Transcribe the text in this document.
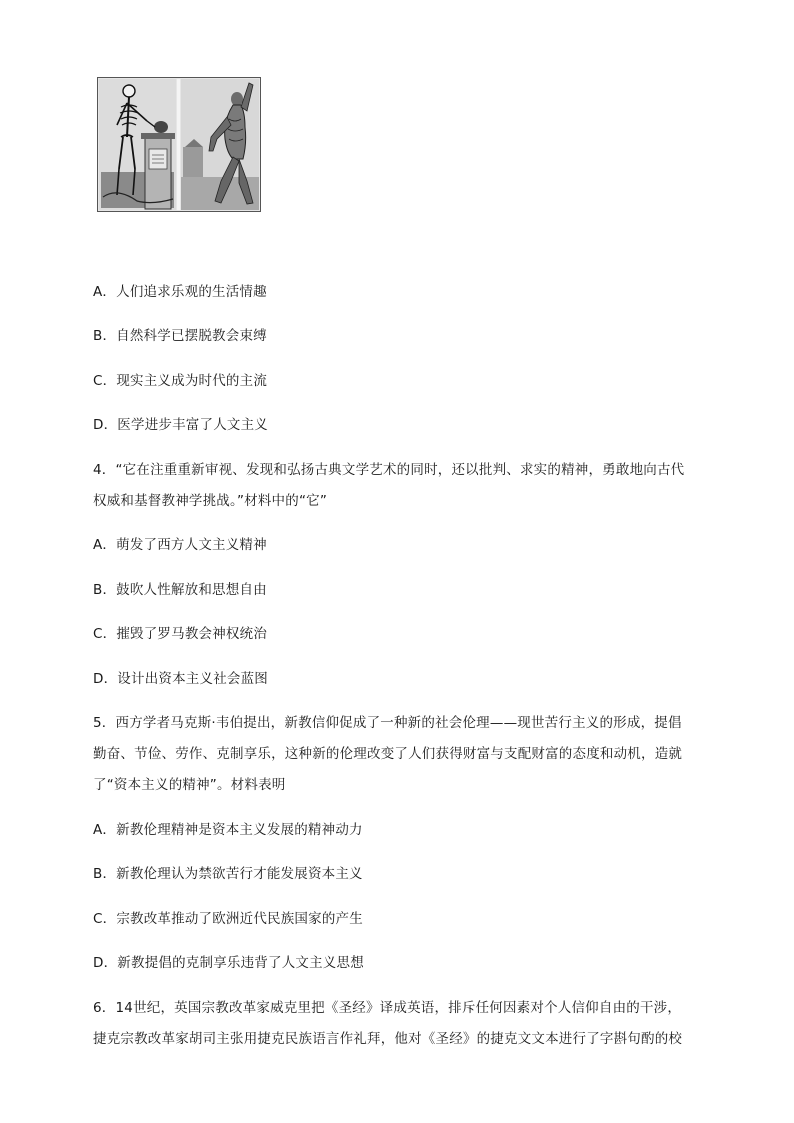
A．人们追求乐观的生活情趣
B．自然科学已摆脱教会束缚
C．现实主义成为时代的主流
D．医学进步丰富了人文主义
4．“它在注重重新审视、发现和弘扬古典文学艺术的同时，还以批判、求实的精神，勇敢地向古代
权威和基督教神学挑战。”材料中的“它”
A．萌发了西方人文主义精神
B．鼓吹人性解放和思想自由
C．摧毁了罗马教会神权统治
D．设计出资本主义社会蓝图
5．西方学者马克斯·韦伯提出，新教信仰促成了一种新的社会伦理——现世苦行主义的形成，提倡
勤奋、节俭、劳作、克制享乐，这种新的伦理改变了人们获得财富与支配财富的态度和动机，造就
了“资本主义的精神”。材料表明
A．新教伦理精神是资本主义发展的精神动力
B．新教伦理认为禁欲苦行才能发展资本主义
C．宗教改革推动了欧洲近代民族国家的产生
D．新教提倡的克制享乐违背了人文主义思想
6．14世纪，英国宗教改革家威克里把《圣经》译成英语，排斥任何因素对个人信仰自由的干涉，
捷克宗教改革家胡司主张用捷克民族语言作礼拜，他对《圣经》的捷克文文本进行了字斟句酌的校
